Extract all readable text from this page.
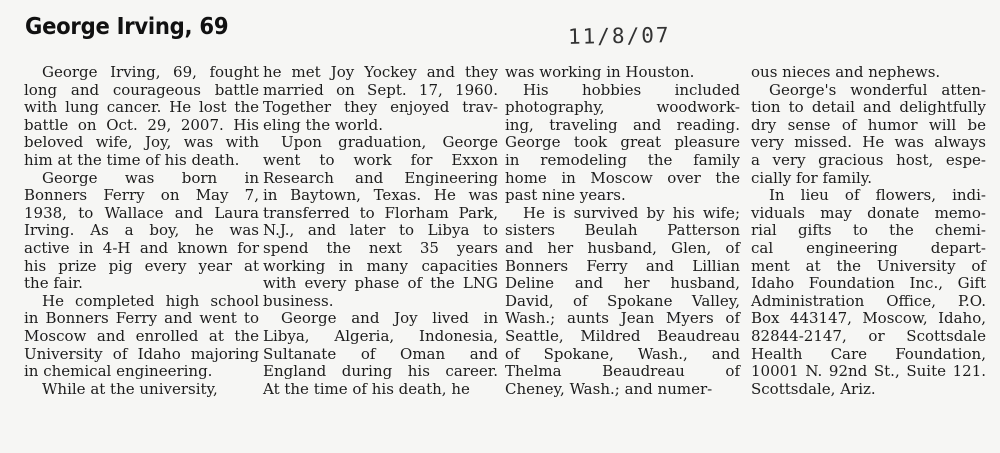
George Irving, 69	11/8/07

George Irving, 69, fought
long and courageous battle
with lung cancer. He lost the
battle on Oct. 29, 2007. His
beloved wife, Joy, was with
him at the time of his death.

George was born in
Bonners Ferry on May 7,
1938, to Wallace and Laura
Irving. As a boy, he was
active in 4-H and known for
his prize pig every year at
the fair.

He completed high school
in Bonners Ferry and went to
Moscow and enrolled at the
University of Idaho majoring
in chemical engineering.

While at the university,

he met Joy Yockey and they
married on Sept. 17, 1960.
Together they enjoyed trav-
eling the world.

Upon graduation, George
went to work for Exxon
Research and Engineering
in Baytown, Texas. He was
transferred to Florham Park,
N.J., and later to Libya to
spend the next 35 years
working in many capacities
with every phase of the LNG
business.

George and Joy lived in
Libya, Algeria, Indonesia,
Sultanate of Oman and
England during his career.
At the time of his death, he

was working in Houston.

His hobbies included
photography, woodwork-
ing, traveling and reading.
George took great pleasure
in remodeling the family
home in Moscow over the
past nine years.

He is survived by his wife;
sisters Beulah Patterson
and her husband, Glen, of
Bonners Ferry and Lillian
Deline and her husband,
David, of Spokane Valley,
Wash.; aunts Jean Myers of
Seattle, Mildred Beaudreau
of Spokane, Wash., and
Thelma Beaudreau of
Cheney, Wash.; and numer-

ous nieces and nephews.

George's wonderful atten-
tion to detail and delightfully
dry sense of humor will be
very missed. He was always
a very gracious host, espe-
cially for family.

In lieu of flowers, indi-
viduals may donate memo-
rial gifts to the chemi-
cal engineering depart-
ment at the University of
Idaho Foundation Inc., Gift
Administration Office, P.O.
Box 443147, Moscow, Idaho,
82844-2147, or Scottsdale
Health Care Foundation,
10001 N. 92nd St., Suite 121.
Scottsdale, Ariz.
